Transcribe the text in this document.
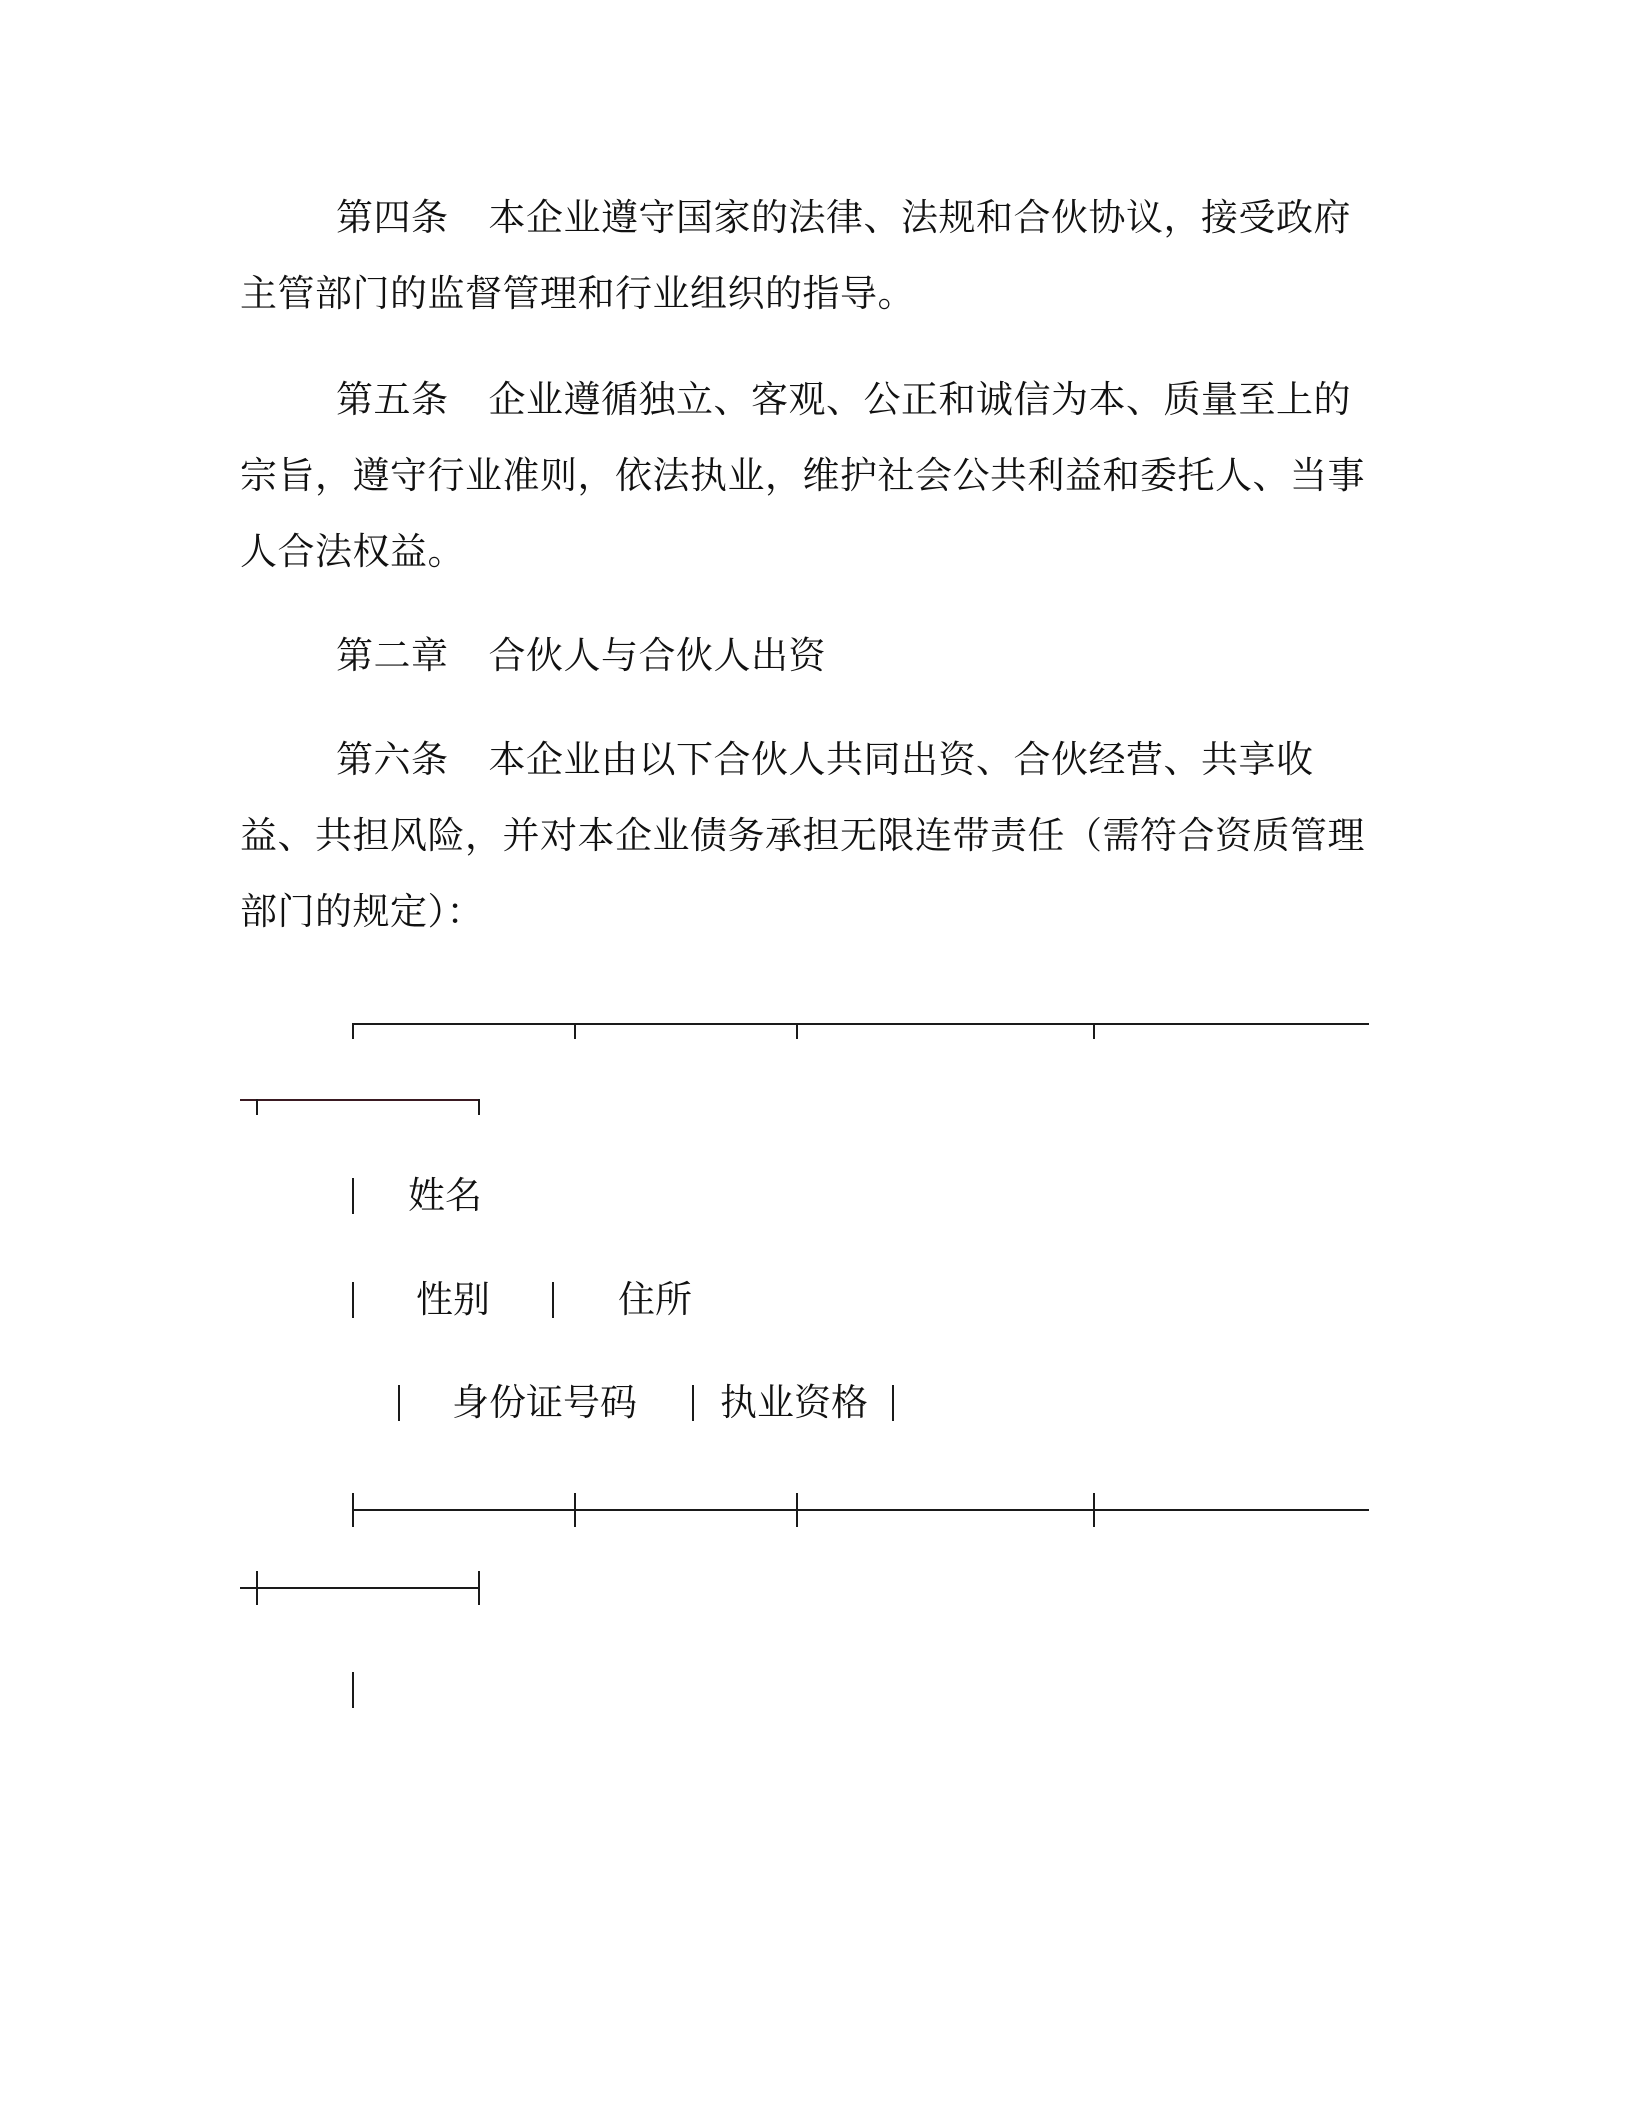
第四条 本企业遵守国家的法律、法规和合伙协议，接受政府主管部门的监督管理和行业组织的指导。

第五条 企业遵循独立、客观、公正和诚信为本、质量至上的宗旨，遵守行业准则，依法执业，维护社会公共利益和委托人、当事人合法权益。

第二章 合伙人与合伙人出资

第六条 本企业由以下合伙人共同出资、合伙经营、共享收益、共担风险，并对本企业债务承担无限连带责任（需符合资质管理部门的规定）：

姓名
性别	住所
身份证号码 执业资格
